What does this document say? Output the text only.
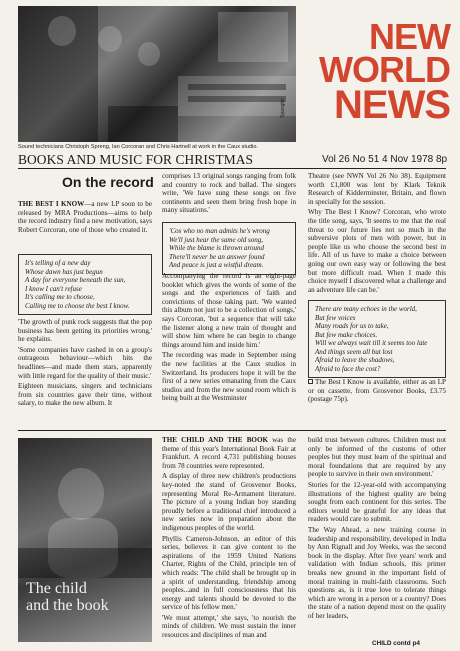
Spangler
Sound technicians Christoph Spreng, Ian Corcoran and Chris Hartnell at work in the Caux studio.
NEW
WORLD
NEWS
BOOKS AND MUSIC FOR CHRISTMAS	Vol 26 No 51 4 Nov 1978 8p
On the record

THE BEST I KNOW—a new LP soon to be released by MRA Productions—aims to help the record industry find a new motivation, says Robert Corcoran, one of those who created it.

It's telling of a new day
Whose dawn has just begun
A day for everyone beneath the sun,
I know I can't refuse
It's calling me to choose,
Calling me to choose the best I know.

'The growth of punk rock suggests that the pop business has been getting its priorities wrong,' he explains.

'Some companies have cashed in on a group's outrageous behaviour—which hits the headlines—and made them stars, apparently with little regard for the quality of their music.'

Eighteen musicians, singers and technicians from six countries gave their time, without salary, to make the new album. It

comprises 13 original songs ranging from folk and country to rock and ballad. The singers write, 'We have sung these songs on five continents and seen them bring fresh hope in many situations.'

'Cos who no man admits he's wrong
We'll just hear the same old song,
While the blame is thrown around
There'll never be an answer found
And peace is just a wistful dream.

Accompanying the record is an eight-page booklet which gives the words of some of the songs and the experiences of faith and convictions of those taking part. 'We wanted this album not just to be a collection of songs,' says Corcoran, 'but a sequence that will take the listener along a new train of thought and will show him where he can begin to change things around him and inside him.'

The recording was made in September using the new facilities at the Caux studios in Switzerland. Its producers hope it will be the first of a new series emanating from the Caux studios and from the new sound room which is being built at the Westminster

Theatre (see NWN Vol 26 No 38). Equipment worth £1,800 was lent by Klark Teknik Research of Kidderminster, Britain, and flown in specially for the session.

Why The Best I Know? Corcoran, who wrote the title song, says, 'It seems to me that the real threat to our future lies not so much in the subversive plots of men with power, but in people like us who choose the second best in life. All of us have to make a choice between going our own easy way or following the best but more difficult road. When I made this choice myself I discovered what a challenge and an adventure life can be.'

There are many echoes in the world,
But few voices
Many roads for us to take,
But few make choices.
Will we always wait till it seems too late
And things seem all but lost
Afraid to leave the shadows,
Afraid to face the cost?

The Best I Know is available, either as an LP or on cassette, from Grosvenor Books, £3.75 (postage 75p).

The child
and the book

THE CHILD AND THE BOOK was the theme of this year's International Book Fair at Frankfurt. A record 4,731 publishing houses from 78 countries were represented.

A display of three new children's productions key-noted the stand of Grosvenor Books, representing Moral Re-Armament literature. The picture of a young Indian boy standing proudly before a traditional chief introduced a new series now in preparation about the indigenous peoples of the world.

Phyllis Cameron-Johnson, an editor of this series, believes it can give content to the aspirations of the 1959 United Nations Charter, Rights of the Child, principle ten of which reads: 'The child shall be brought up in a spirit of understanding, friendship among peoples...and in full consciousness that his energy and talents should be devoted to the service of his fellow men.'

'We must attempt,' she says, 'to nourish the minds of children. We must sustain the inner resources and disciplines of man and

build trust between cultures. Children must not only be informed of the customs of other peoples but they must learn of the spiritual and moral foundations that are required by any people to survive in their own environment.'

Stories for the 12-year-old with accompanying illustrations of the highest quality are being sought from each continent for this series. The editors would be grateful for any ideas that readers would care to submit.

The Way Ahead, a new training course in leadership and responsibility, developed in India by Ann Rignall and Joy Weeks, was the second book in the display. After five years' work and validation with Indian schools, this primer breaks new ground in the important field of moral training in multi-faith classrooms. Such questions as, is it true love to tolerate things which are wrong in a person or a country? Does the state of a nation depend most on the quality of her leaders,

CHILD contd p4
